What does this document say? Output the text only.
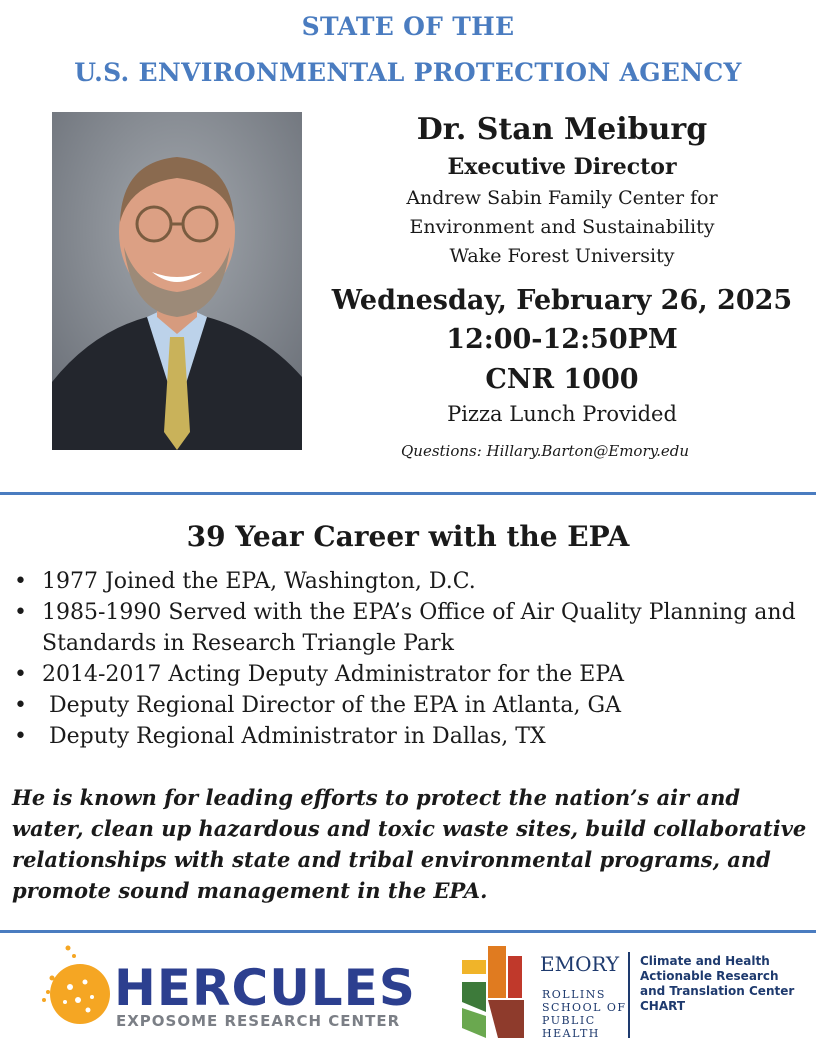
STATE OF THE
U.S. ENVIRONMENTAL PROTECTION AGENCY
Dr. Stan Meiburg
Executive Director
Andrew Sabin Family Center for
Environment and Sustainability
Wake Forest University
Wednesday, February 26, 2025
12:00-12:50PM
CNR 1000
Pizza Lunch Provided
Questions: Hillary.Barton@Emory.edu
39 Year Career with the EPA
• 1977 Joined the EPA, Washington, D.C.
• 1985-1990 Served with the EPA’s Office of Air Quality Planning and Standards in Research Triangle Park
• 2014-2017 Acting Deputy Administrator for the EPA
• Deputy Regional Director of the EPA in Atlanta, GA
• Deputy Regional Administrator in Dallas, TX
He is known for leading efforts to protect the nation’s air and water, clean up hazardous and toxic waste sites, build collaborative relationships with state and tribal environmental programs, and promote sound management in the EPA.
HERCULES
EXPOSOME RESEARCH CENTER
EMORY
ROLLINS
SCHOOL OF
PUBLIC
HEALTH
Climate and Health
Actionable Research
and Translation Center
CHART
